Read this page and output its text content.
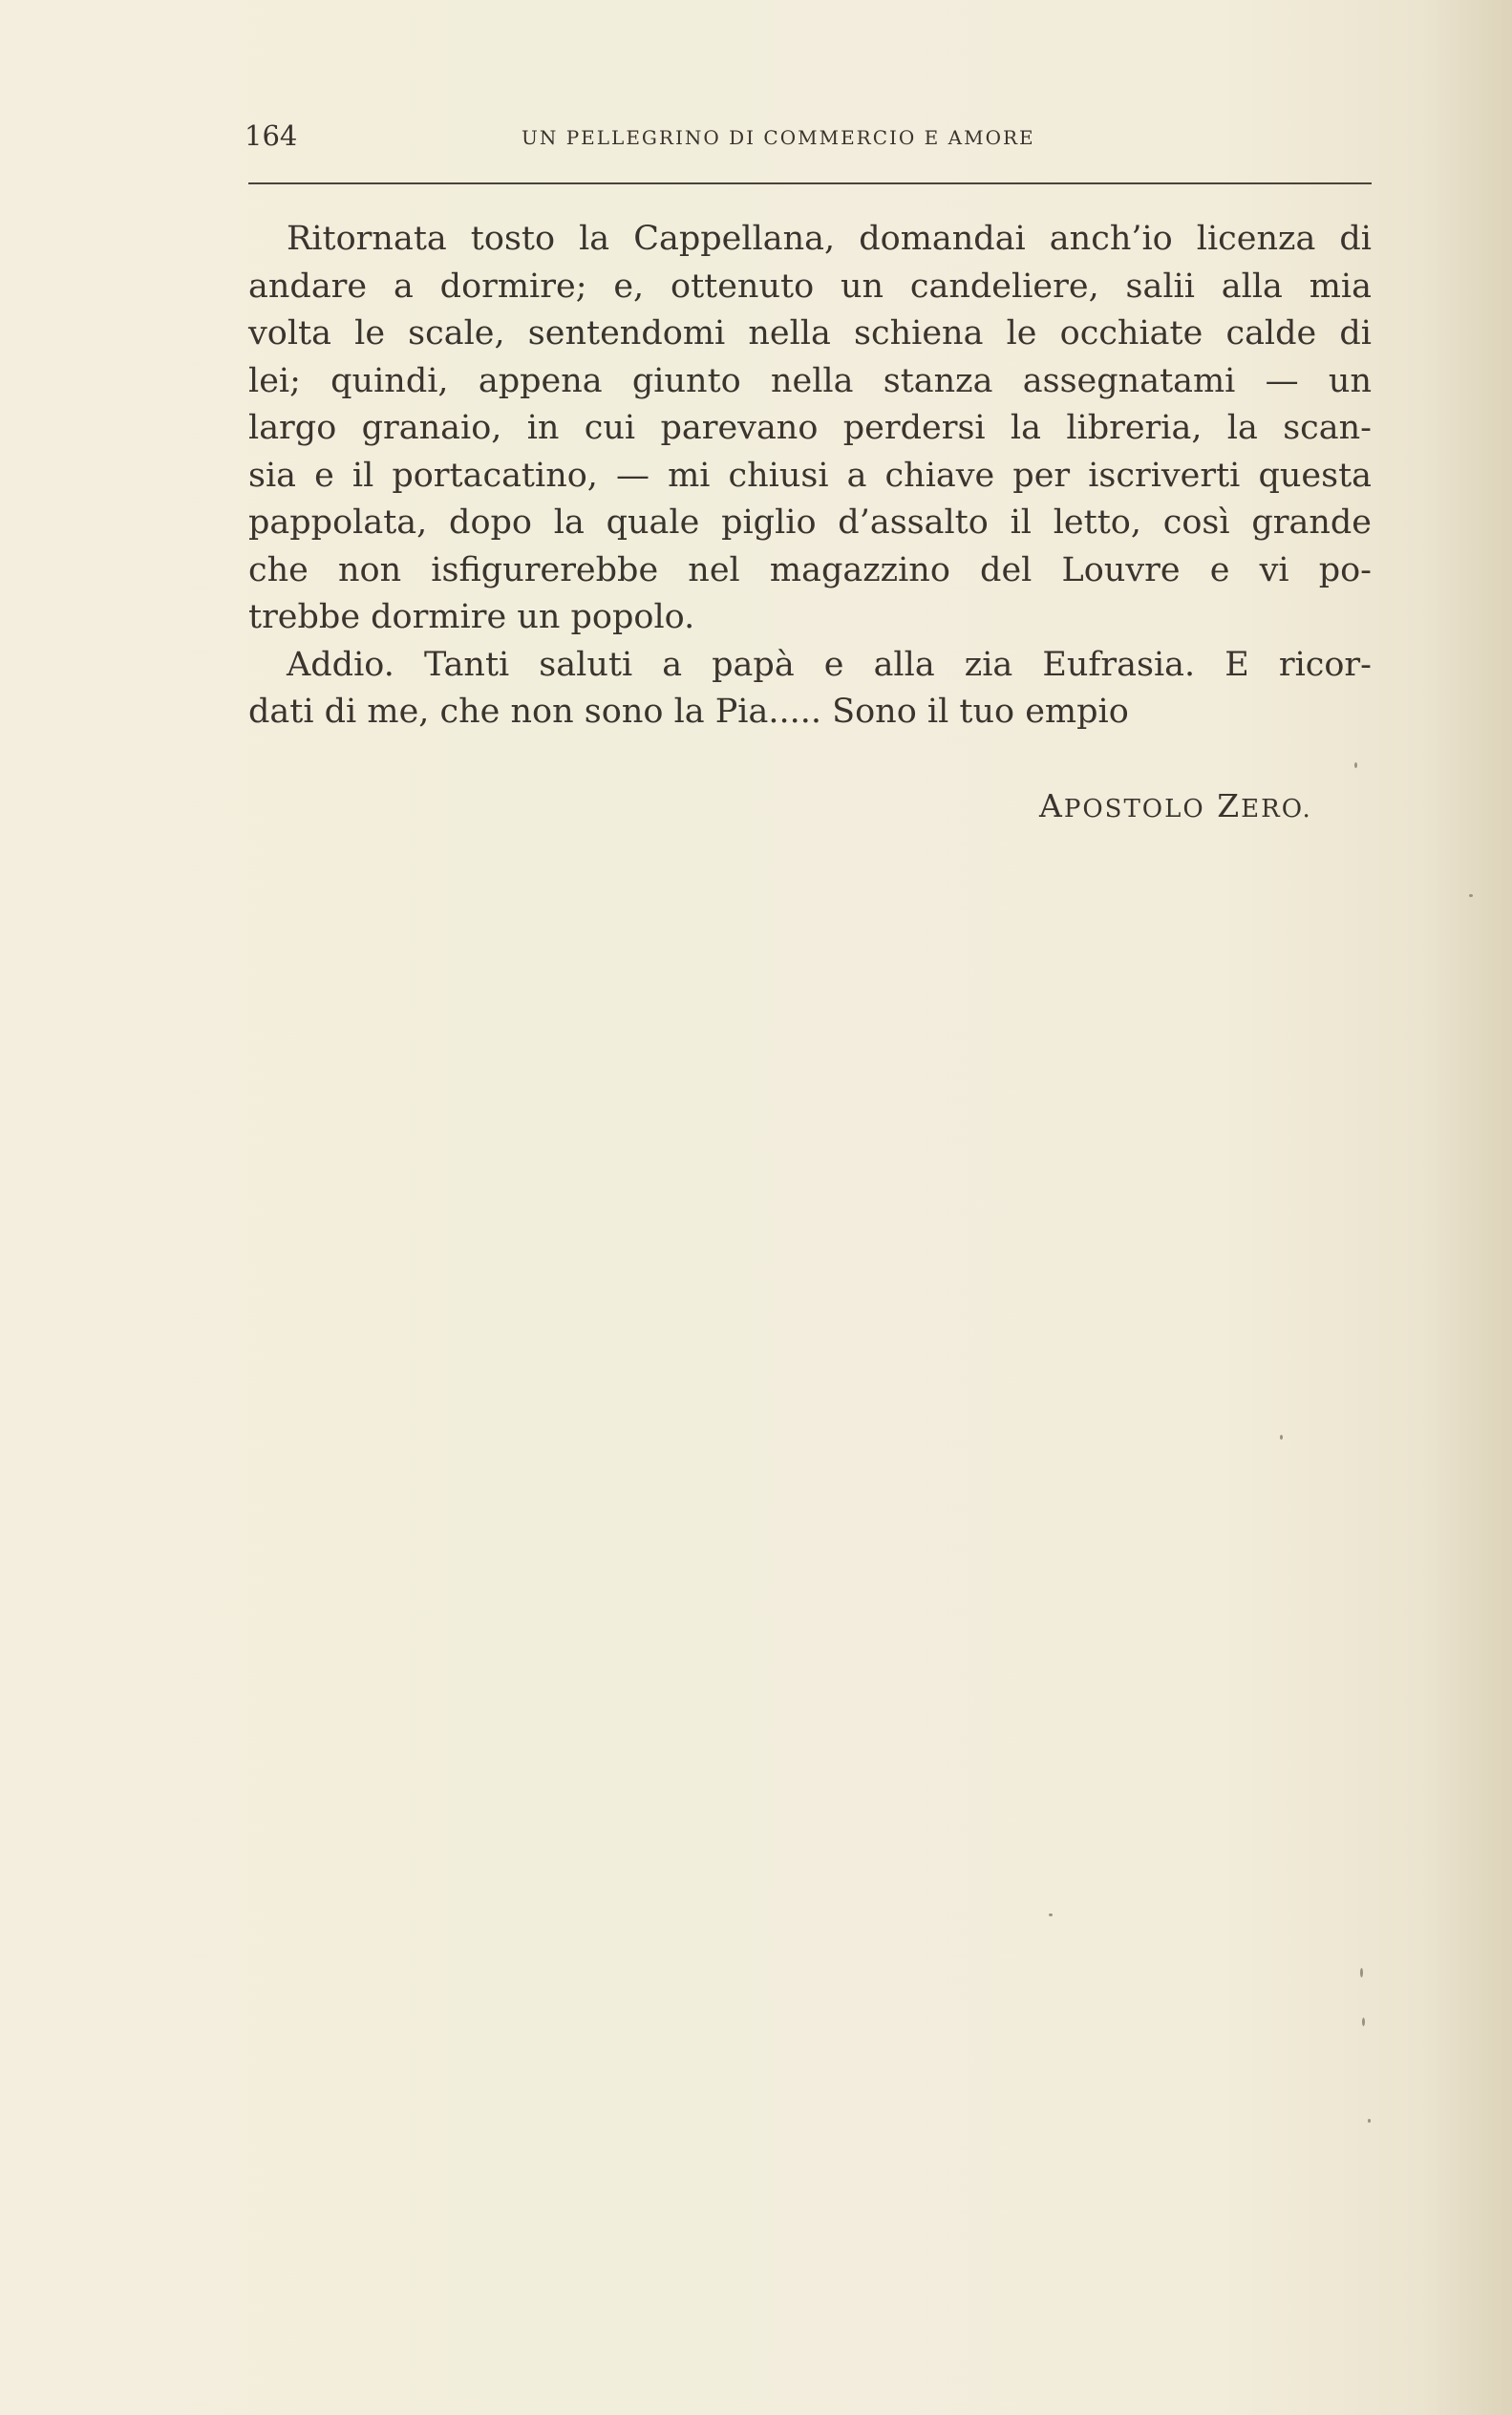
164	UN PELLEGRINO DI COMMERCIO E AMORE
Ritornata tosto la Cappellana, domandai anch’io licenza di
andare a dormire; e, ottenuto un candeliere, salii alla mia
volta le scale, sentendomi nella schiena le occhiate calde di
lei; quindi, appena giunto nella stanza assegnatami — un
largo granaio, in cui parevano perdersi la libreria, la scan-
sia e il portacatino, — mi chiusi a chiave per iscriverti questa
pappolata, dopo la quale piglio d’assalto il letto, così grande
che non isfigurerebbe nel magazzino del Louvre e vi po-
trebbe dormire un popolo.
Addio. Tanti saluti a papà e alla zia Eufrasia. E ricor-
dati di me, che non sono la Pia..... Sono il tuo empio
APOSTOLO ZERO.
